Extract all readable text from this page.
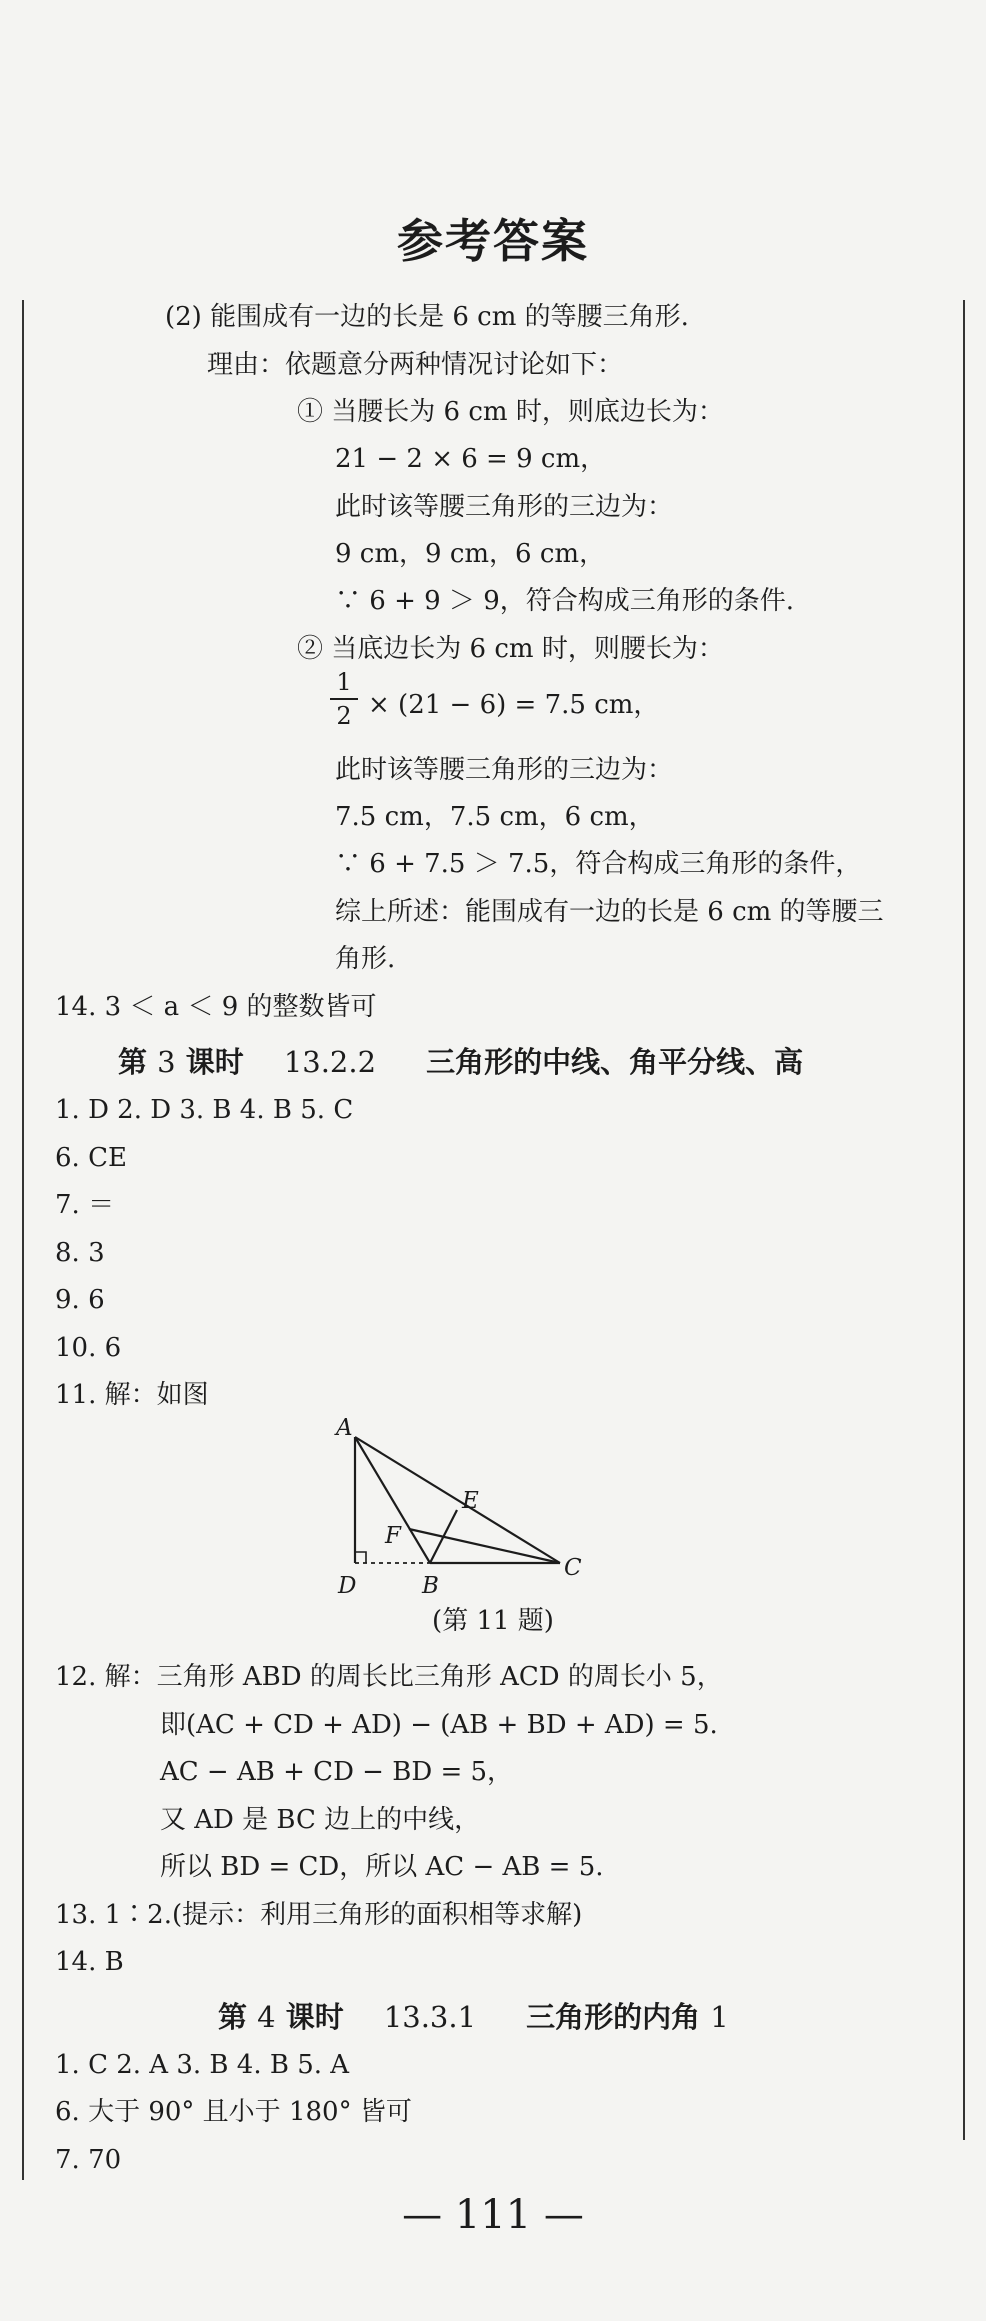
参考答案
(2) 能围成有一边的长是 6 cm 的等腰三角形.
理由：依题意分两种情况讨论如下：
① 当腰长为 6 cm 时，则底边长为：
21 − 2 × 6 = 9 cm，
此时该等腰三角形的三边为：
9 cm，9 cm，6 cm，
∵ 6 + 9 ＞ 9，符合构成三角形的条件.
② 当底边长为 6 cm 时，则腰长为：
1
2 × (21 − 6) = 7.5 cm，
此时该等腰三角形的三边为：
7.5 cm，7.5 cm，6 cm，
∵ 6 + 7.5 ＞ 7.5，符合构成三角形的条件，
综上所述：能围成有一边的长是 6 cm 的等腰三
角形.
14. 3 ＜ a ＜ 9 的整数皆可
第 3 课时 13.2.2 三角形的中线、角平分线、高
1. D 2. D 3. B 4. B 5. C
6. CE
7. ＝
8. 3
9. 6
10. 6
11. 解：如图
A
E
F
C
D	B
(第 11 题)
12. 解：三角形 ABD 的周长比三角形 ACD 的周长小 5，
即(AC + CD + AD) − (AB + BD + AD) = 5.
AC − AB + CD − BD = 5，
又 AD 是 BC 边上的中线，
所以 BD = CD，所以 AC − AB = 5.
13. 1∶2.(提示：利用三角形的面积相等求解)
14. B
第 4 课时 13.3.1 三角形的内角 1
1. C 2. A 3. B 4. B 5. A
6. 大于 90° 且小于 180° 皆可
7. 70
— 111 —
